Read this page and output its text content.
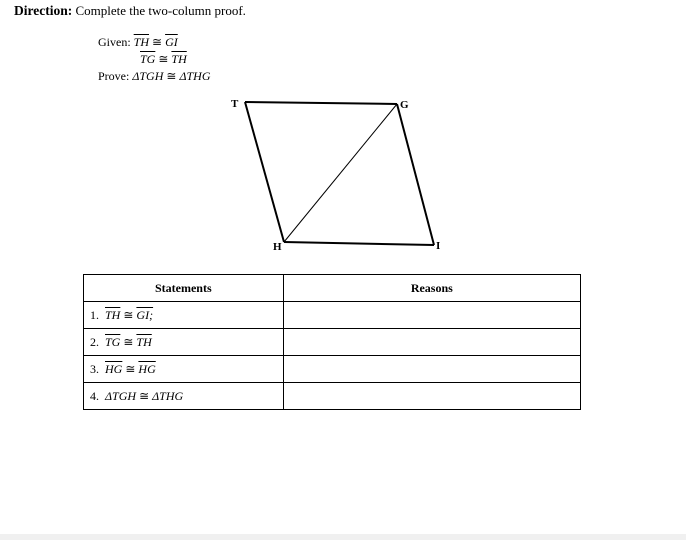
Direction: Complete the two-column proof.
Given: $\overline{TH}$ ≅ $\overline{GI}$
$\overline{TG}$ ≅ $\overline{TH}$
Prove: ΔTGH ≅ ΔTHG
T	G
H	I
Statements	Reasons
1. $\overline{TH}$ ≅ GI;	
2. $\overline{TG}$ ≅ $\overline{TH}$	
3. $\overline{HG}$ ≅ $\overline{HG}$	
4. ΔTGH ≅ ΔTHG	
